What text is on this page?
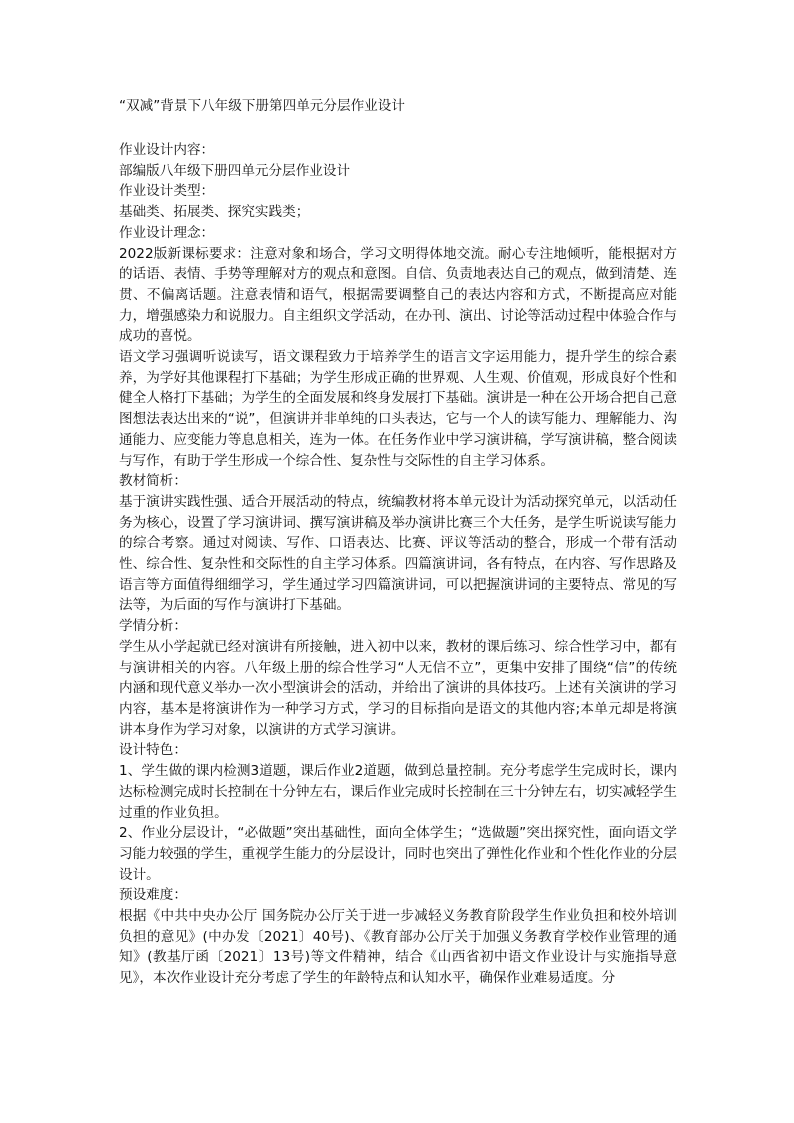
“双减”背景下八年级下册第四单元分层作业设计

作业设计内容：

部编版八年级下册四单元分层作业设计

作业设计类型：

基础类、拓展类、探究实践类；

作业设计理念：

2022版新课标要求：注意对象和场合，学习文明得体地交流。耐心专注地倾听，能根据对方的话语、表情、手势等理解对方的观点和意图。自信、负责地表达自己的观点，做到清楚、连贯、不偏离话题。注意表情和语气，根据需要调整自己的表达内容和方式，不断提高应对能力，增强感染力和说服力。自主组织文学活动，在办刊、演出、讨论等活动过程中体验合作与成功的喜悦。

语文学习强调听说读写，语文课程致力于培养学生的语言文字运用能力，提升学生的综合素养，为学好其他课程打下基础；为学生形成正确的世界观、人生观、价值观，形成良好个性和健全人格打下基础；为学生的全面发展和终身发展打下基础。演讲是一种在公开场合把自己意图想法表达出来的“说”，但演讲并非单纯的口头表达，它与一个人的读写能力、理解能力、沟通能力、应变能力等息息相关，连为一体。在任务作业中学习演讲稿，学写演讲稿，整合阅读与写作，有助于学生形成一个综合性、复杂性与交际性的自主学习体系。

教材简析：

基于演讲实践性强、适合开展活动的特点，统编教材将本单元设计为活动探究单元，以活动任务为核心，设置了学习演讲词、撰写演讲稿及举办演讲比赛三个大任务，是学生听说读写能力的综合考察。通过对阅读、写作、口语表达、比赛、评议等活动的整合，形成一个带有活动性、综合性、复杂性和交际性的自主学习体系。四篇演讲词，各有特点，在内容、写作思路及语言等方面值得细细学习，学生通过学习四篇演讲词，可以把握演讲词的主要特点、常见的写法等，为后面的写作与演讲打下基础。

学情分析：

学生从小学起就已经对演讲有所接触，进入初中以来，教材的课后练习、综合性学习中，都有与演讲相关的内容。八年级上册的综合性学习“人无信不立”，更集中安排了围绕“信”的传统内涵和现代意义举办一次小型演讲会的活动，并给出了演讲的具体技巧。上述有关演讲的学习内容，基本是将演讲作为一种学习方式，学习的目标指向是语文的其他内容;本单元却是将演讲本身作为学习对象，以演讲的方式学习演讲。

设计特色：

1、学生做的课内检测3道题，课后作业2道题，做到总量控制。充分考虑学生完成时长，课内达标检测完成时长控制在十分钟左右，课后作业完成时长控制在三十分钟左右，切实减轻学生过重的作业负担。

2、作业分层设计，“必做题”突出基础性，面向全体学生；“选做题”突出探究性，面向语文学习能力较强的学生，重视学生能力的分层设计，同时也突出了弹性化作业和个性化作业的分层设计。

预设难度：

根据《中共中央办公厅 国务院办公厅关于进一步减轻义务教育阶段学生作业负担和校外培训负担的意见》(中办发〔2021〕40号)、《教育部办公厅关于加强义务教育学校作业管理的通知》(教基厅函〔2021〕13号)等文件精神，结合《山西省初中语文作业设计与实施指导意见》，本次作业设计充分考虑了学生的年龄特点和认知水平，确保作业难易适度。分
